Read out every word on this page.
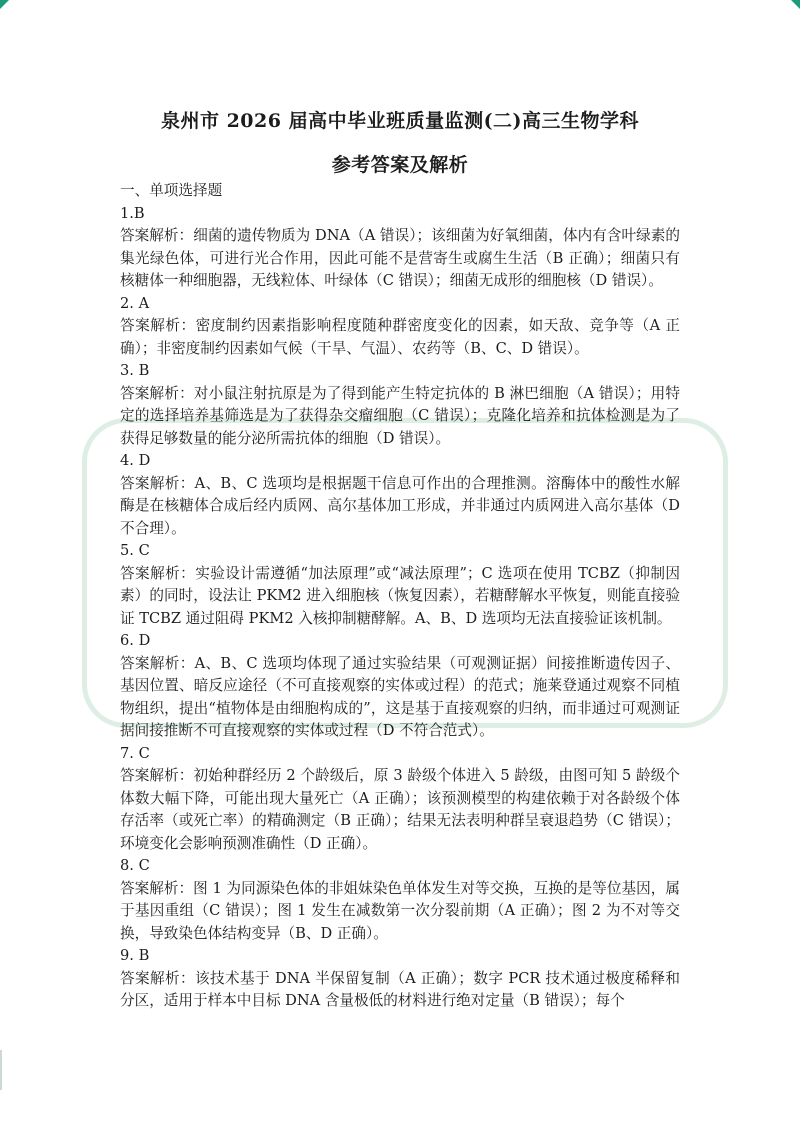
泉州市 2026 届高中毕业班质量监测(二)高三生物学科
参考答案及解析

一、单项选择题

1.B

答案解析：细菌的遗传物质为 DNA（A 错误）；该细菌为好氧细菌，体内有含叶绿素的集光绿色体，可进行光合作用，因此可能不是营寄生或腐生生活（B 正确）；细菌只有核糖体一种细胞器，无线粒体、叶绿体（C 错误）；细菌无成形的细胞核（D 错误）。

2. A

答案解析：密度制约因素指影响程度随种群密度变化的因素，如天敌、竞争等（A 正确）；非密度制约因素如气候（干旱、气温）、农药等（B、C、D 错误）。

3. B

答案解析：对小鼠注射抗原是为了得到能产生特定抗体的 B 淋巴细胞（A 错误）；用特定的选择培养基筛选是为了获得杂交瘤细胞（C 错误）；克隆化培养和抗体检测是为了获得足够数量的能分泌所需抗体的细胞（D 错误）。

4. D

答案解析：A、B、C 选项均是根据题干信息可作出的合理推测。溶酶体中的酸性水解酶是在核糖体合成后经内质网、高尔基体加工形成，并非通过内质网进入高尔基体（D 不合理）。

5. C

答案解析：实验设计需遵循“加法原理”或“减法原理”；C 选项在使用 TCBZ（抑制因素）的同时，设法让 PKM2 进入细胞核（恢复因素），若糖酵解水平恢复，则能直接验证 TCBZ 通过阻碍 PKM2 入核抑制糖酵解。A、B、D 选项均无法直接验证该机制。

6. D

答案解析：A、B、C 选项均体现了通过实验结果（可观测证据）间接推断遗传因子、基因位置、暗反应途径（不可直接观察的实体或过程）的范式；施莱登通过观察不同植物组织，提出“植物体是由细胞构成的”，这是基于直接观察的归纳，而非通过可观测证据间接推断不可直接观察的实体或过程（D 不符合范式）。

7. C

答案解析：初始种群经历 2 个龄级后，原 3 龄级个体进入 5 龄级，由图可知 5 龄级个体数大幅下降，可能出现大量死亡（A 正确）；该预测模型的构建依赖于对各龄级个体存活率（或死亡率）的精确测定（B 正确）；结果无法表明种群呈衰退趋势（C 错误）；环境变化会影响预测准确性（D 正确）。

8. C

答案解析：图 1 为同源染色体的非姐妹染色单体发生对等交换，互换的是等位基因，属于基因重组（C 错误）；图 1 发生在减数第一次分裂前期（A 正确）；图 2 为不对等交换，导致染色体结构变异（B、D 正确）。

9. B

答案解析：该技术基于 DNA 半保留复制（A 正确）；数字 PCR 技术通过极度稀释和分区，适用于样本中目标 DNA 含量极低的材料进行绝对定量（B 错误）；每个
